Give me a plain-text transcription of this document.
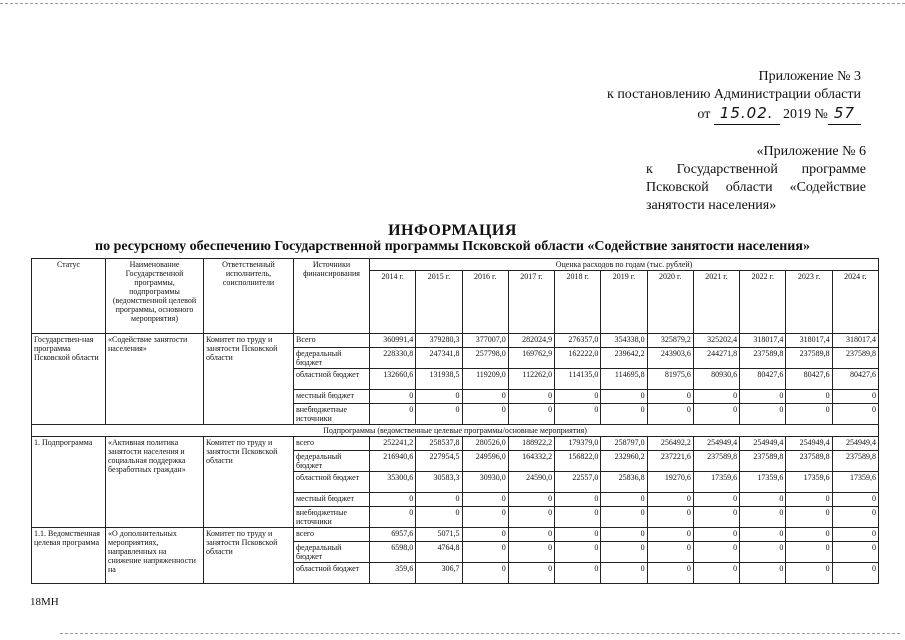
Приложение № 3
к постановлению Администрации области
от 15.02. 2019 № 57
«Приложение № 6
к Государственной программе
Псковской области «Содействие
занятости населения»
ИНФОРМАЦИЯ
по ресурсному обеспечению Государственной программы Псковской области «Содействие занятости населения»
Статус	Наименование Государственной программы, подпрограммы (ведомственной целевой программы, основного мероприятия)	Ответственный исполнитель, соисполнители	Источники финансирования	Оценка расходов по годам (тыс. рублей)										
				2014 г.	2015 г.	2016 г.	2017 г.	2018 г.	2019 г.	2020 г.	2021 г.	2022 г.	2023 г.	2024 г.
Государствен-ная программа Псковской области	«Содействие занятости населения»	Комитет по труду и занятости Псковской области	Всего	360991,4	379280,3	377007,0	282024,9	276357,0	354338,0	325879,2	325202,4	318017,4	318017,4	318017,4
			федеральный бюджет	228330,8	247341,8	257798,0	169762,9	162222,0	239642,2	243903,6	244271,8	237589,8	237589,8	237589,8
			областной бюджет	132660,6	131938,5	119209,0	112262,0	114135,0	114695,8	81975,6	80930,6	80427,6	80427,6	80427,6
			местный бюджет	0	0	0	0	0	0	0	0	0	0	0
			внебюджетные источники	0	0	0	0	0	0	0	0	0	0	0
Подпрограммы (ведомственные целевые программы/основные мероприятия)														
1. Подпрограмма	«Активная политика занятости населения и социальная поддержка безработных граждан»	Комитет по труду и занятости Псковской области	всего	252241,2	258537,8	280526,0	188922,2	179379,0	258797,0	256492,2	254949,4	254949,4	254949,4	254949,4
			федеральный бюджет	216940,6	227954,5	249596,0	164332,2	156822,0	232960,2	237221,6	237589,8	237589,8	237589,8	237589,8
			областной бюджет	35300,6	30583,3	30930,0	24590,0	22557,0	25836,8	19270,6	17359,6	17359,6	17359,6	17359,6
			местный бюджет	0	0	0	0	0	0	0	0	0	0	0
			внебюджетные источники	0	0	0	0	0	0	0	0	0	0	0
1.1. Ведомственная целевая программа	«О дополнительных мероприятиях, направленных на снижение напряженности на	Комитет по труду и занятости Псковской области	всего	6957,6	5071,5	0	0	0	0	0	0	0	0	0
			федеральный бюджет	6598,0	4764,8	0	0	0	0	0	0	0	0	0
			областной бюджет	359,6	306,7	0	0	0	0	0	0	0	0	0
18МН
